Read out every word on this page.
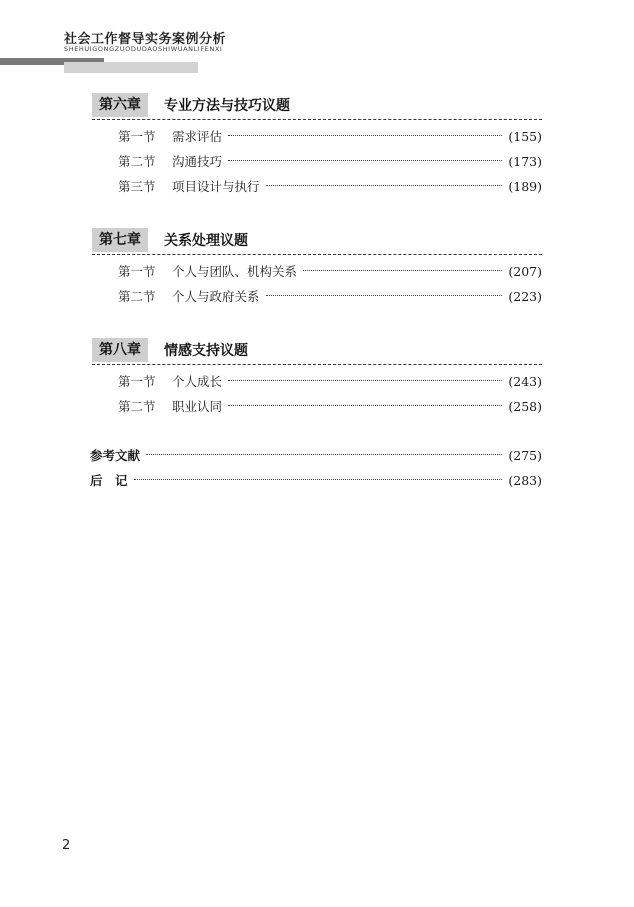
社会工作督导实务案例分析
SHEHUIGONGZUODUDAOSHIWUANLIFENXI
第六章	专业方法与技巧议题
第一节	需求评估	(155)
第二节	沟通技巧	(173)
第三节	项目设计与执行	(189)
第七章	关系处理议题
第一节	个人与团队、机构关系	(207)
第二节	个人与政府关系	(223)
第八章	情感支持议题
第一节	个人成长	(243)
第二节	职业认同	(258)
参考文献	(275)
后　记	(283)
2
